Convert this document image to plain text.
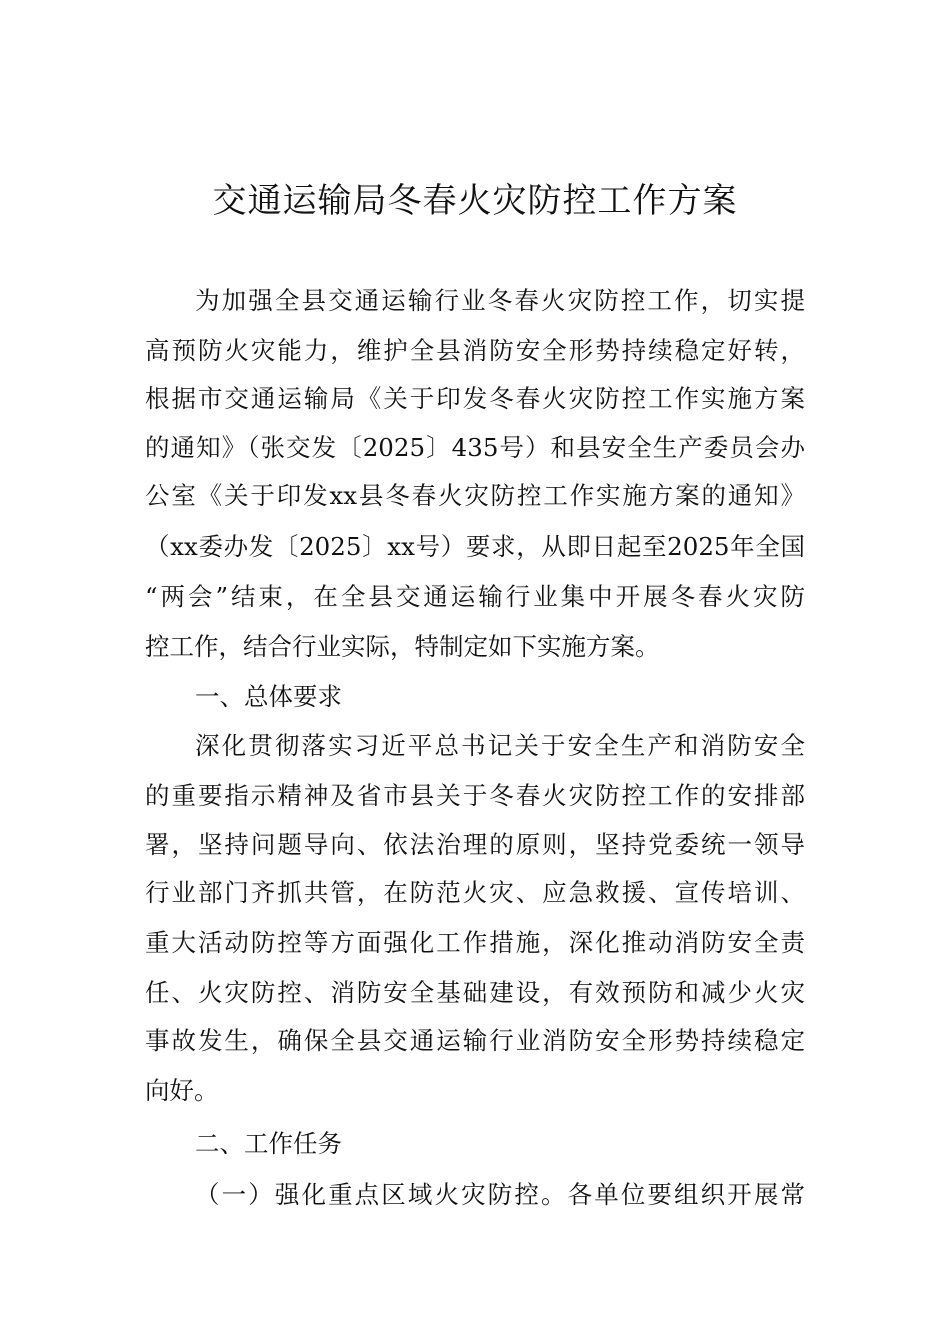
交通运输局冬春火灾防控工作方案
为加强全县交通运输行业冬春火灾防控工作，切实提
高预防火灾能力，维护全县消防安全形势持续稳定好转，
根据市交通运输局《关于印发冬春火灾防控工作实施方案
的通知》（张交发〔2025〕435号）和县安全生产委员会办
公室《关于印发xx县冬春火灾防控工作实施方案的通知》
（xx委办发〔2025〕xx号）要求，从即日起至2025年全国
“两会”结束，在全县交通运输行业集中开展冬春火灾防
控工作，结合行业实际，特制定如下实施方案。
一、总体要求
深化贯彻落实习近平总书记关于安全生产和消防安全
的重要指示精神及省市县关于冬春火灾防控工作的安排部
署，坚持问题导向、依法治理的原则，坚持党委统一领导
行业部门齐抓共管，在防范火灾、应急救援、宣传培训、
重大活动防控等方面强化工作措施，深化推动消防安全责
任、火灾防控、消防安全基础建设，有效预防和减少火灾
事故发生，确保全县交通运输行业消防安全形势持续稳定
向好。
二、工作任务
（一）强化重点区域火灾防控。各单位要组织开展常
